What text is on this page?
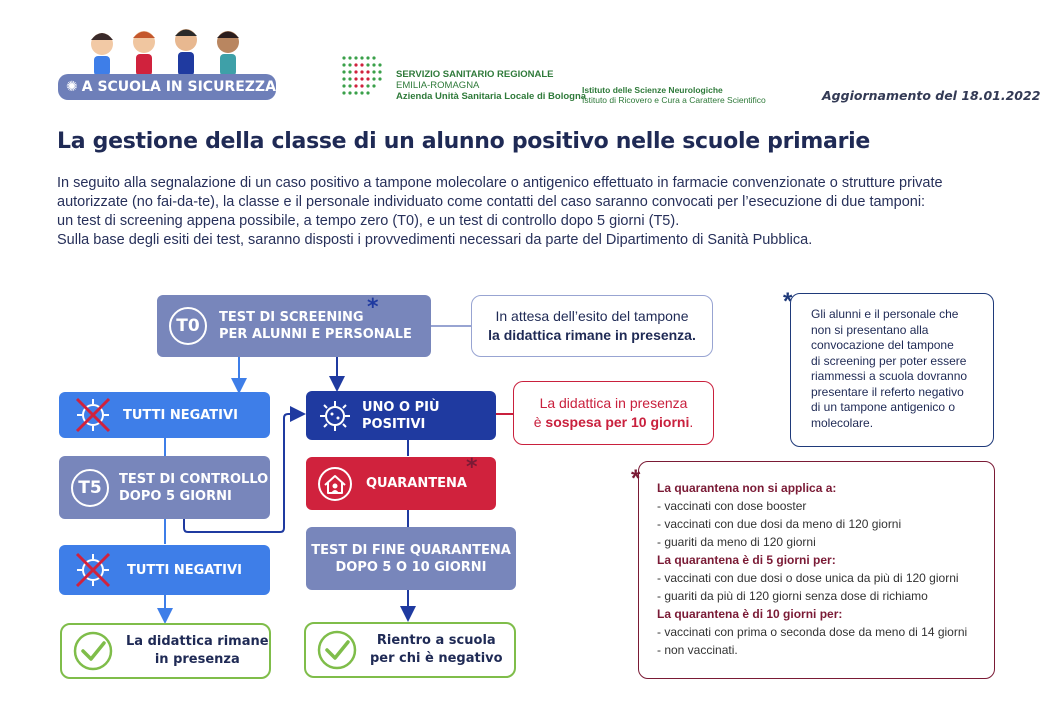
✺ A SCUOLA IN SICUREZZA
SERVIZIO SANITARIO REGIONALE
EMILIA-ROMAGNA
Azienda Unità Sanitaria Locale di Bologna
Istituto delle Scienze Neurologiche
Istituto di Ricovero e Cura a Carattere Scientifico	Aggiornamento del 18.01.2022
La gestione della classe di un alunno positivo nelle scuole primarie
In seguito alla segnalazione di un caso positivo a tampone molecolare o antigenico effettuato in farmacie convenzionate o strutture private
autorizzate (no fai-da-te), la classe e il personale individuato come contatti del caso saranno convocati per l’esecuzione di due tamponi:
un test di screening appena possibile, a tempo zero (T0), e un test di controllo dopo 5 giorni (T5).
Sulla base degli esiti dei test, saranno disposti i provvedimenti necessari da parte del Dipartimento di Sanità Pubblica.
T0	TEST DI SCREENING
PER ALUNNI E PERSONALE
*	In attesa dell’esito del tampone
la didattica rimane in presenza.
TUTTI NEGATIVI
T5	TEST DI CONTROLLO
DOPO 5 GIORNI
TUTTI NEGATIVI
La didattica rimane
in presenza
UNO O PIÙ
POSITIVI
La didattica in presenza
è sospesa per 10 giorni.
QUARANTENA
*
TEST DI FINE QUARANTENA
DOPO 5 O 10 GIORNI
Rientro a scuola
per chi è negativo
* Gli alunni e il personale che
non si presentano alla
convocazione del tampone
di screening per poter essere
riammessi a scuola dovranno
presentare il referto negativo
di un tampone antigenico o
molecolare.
* La quarantena non si applica a:
- vaccinati con dose booster
- vaccinati con due dosi da meno di 120 giorni
- guariti da meno di 120 giorni
La quarantena è di 5 giorni per:
- vaccinati con due dosi o dose unica da più di 120 giorni
- guariti da più di 120 giorni senza dose di richiamo
La quarantena è di 10 giorni per:
- vaccinati con prima o seconda dose da meno di 14 giorni
- non vaccinati.
